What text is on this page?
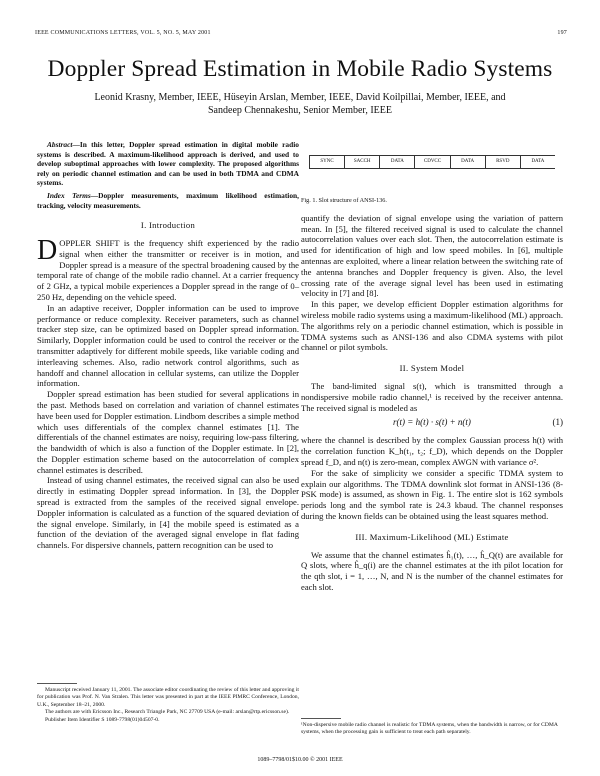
IEEE COMMUNICATIONS LETTERS, VOL. 5, NO. 5, MAY 2001	197
Doppler Spread Estimation in Mobile Radio Systems
Leonid Krasny, Member, IEEE, Hüseyin Arslan, Member, IEEE, David Koilpillai, Member, IEEE, and
Sandeep Chennakeshu, Senior Member, IEEE

Abstract—In this letter, Doppler spread estimation in digital mobile radio systems is described. A maximum-likelihood approach is derived, and used to develop suboptimal approaches with lower complexity. The proposed algorithms rely on periodic channel estimation and can be used in both TDMA and CDMA systems.

Index Terms—Doppler measurements, maximum likelihood estimation, tracking, velocity measurements.

I. Introduction

DOPPLER SHIFT is the frequency shift experienced by the radio signal when either the transmitter or receiver is in motion, and Doppler spread is a measure of the spectral broadening caused by the temporal rate of change of the mobile radio channel. At a carrier frequency of 2 GHz, a typical mobile experiences a Doppler spread in the range of 0–250 Hz, depending on the vehicle speed.

In an adaptive receiver, Doppler information can be used to improve performance or reduce complexity. Receiver parameters, such as channel tracker step size, can be optimized based on Doppler spread information. Similarly, Doppler information could be used to control the receiver or the transmitter adaptively for different mobile speeds, like variable coding and interleaving schemes. Also, radio network control algorithms, such as handoff and channel allocation in cellular systems, can utilize the Doppler information.

Doppler spread estimation has been studied for several applications in the past. Methods based on correlation and variation of channel estimates have been used for Doppler estimation. Lindbom describes a simple method which uses differentials of the complex channel estimates [1]. The differentials of the channel estimates are noisy, requiring low-pass filtering, the bandwidth of which is also a function of the Doppler estimate. In [2], the Doppler estimation scheme based on the autocorrelation of complex channel estimates is described.

Instead of using channel estimates, the received signal can also be used directly in estimating Doppler spread information. In [3], the Doppler spread is extracted from the samples of the received signal envelope. Doppler information is calculated as a function of the squared deviation of the signal envelope. Similarly, in [4] the mobile speed is estimated as a function of the deviation of the averaged signal envelope in flat fading channels. For dispersive channels, pattern recognition can be used to

SYNC	SACCH	DATA	CDVCC	DATA	RSVD	DATA

Fig. 1. Slot structure of ANSI-136.

quantify the deviation of signal envelope using the variation of pattern mean. In [5], the filtered received signal is used to calculate the channel autocorrelation values over each slot. Then, the autocorrelation estimate is used for identification of high and low speed mobiles. In [6], multiple antennas are exploited, where a linear relation between the switching rate of the antenna branches and Doppler frequency is given. Also, the level crossing rate of the average signal level has been used in estimating velocity in [7] and [8].

In this paper, we develop efficient Doppler estimation algorithms for wireless mobile radio systems using a maximum-likelihood (ML) approach. The algorithms rely on a periodic channel estimation, which is possible in TDMA systems such as ANSI-136 and also CDMA systems with pilot channel or pilot symbols.

II. System Model

The band-limited signal s(t), which is transmitted through a nondispersive mobile radio channel,¹ is received by the receiver antenna. The received signal is modeled as

r(t) = h(t) · s(t) + n(t)	(1)

where the channel is described by the complex Gaussian process h(t) with the correlation function K_h(t₁, t₂; f_D), which depends on the Doppler spread f_D, and n(t) is zero-mean, complex AWGN with variance σ².

For the sake of simplicity we consider a specific TDMA system to explain our algorithms. The TDMA downlink slot format in ANSI-136 (8-PSK mode) is assumed, as shown in Fig. 1. The entire slot is 162 symbols periods long and the symbol rate is 24.3 kbaud. The channel responses during the known fields can be obtained using the least squares method.

III. Maximum-Likelihood (ML) Estimate

We assume that the channel estimates ĥ₁(t), …, ĥ_Q(t) are available for Q slots, where ĥ_q(i) are the channel estimates at the ith pilot location for the qth slot, i = 1, …, N, and N is the number of the channel estimates for each slot.

Manuscript received January 11, 2001. The associate editor coordinating the review of this letter and approving it for publication was Prof. N. Van Stralen. This letter was presented in part at the IEEE PIMRC Conference, London, U.K., September 18–21, 2000.

The authors are with Ericsson Inc., Research Triangle Park, NC 27709 USA (e-mail: arslan@rtp.ericsson.se).

Publisher Item Identifier S 1089-7798(01)04507-0.

¹Non-dispersive mobile radio channel is realistic for TDMA systems, when the bandwidth is narrow, or for CDMA systems, when the processing gain is sufficient to treat each path separately.
1089–7798/01$10.00 © 2001 IEEE
